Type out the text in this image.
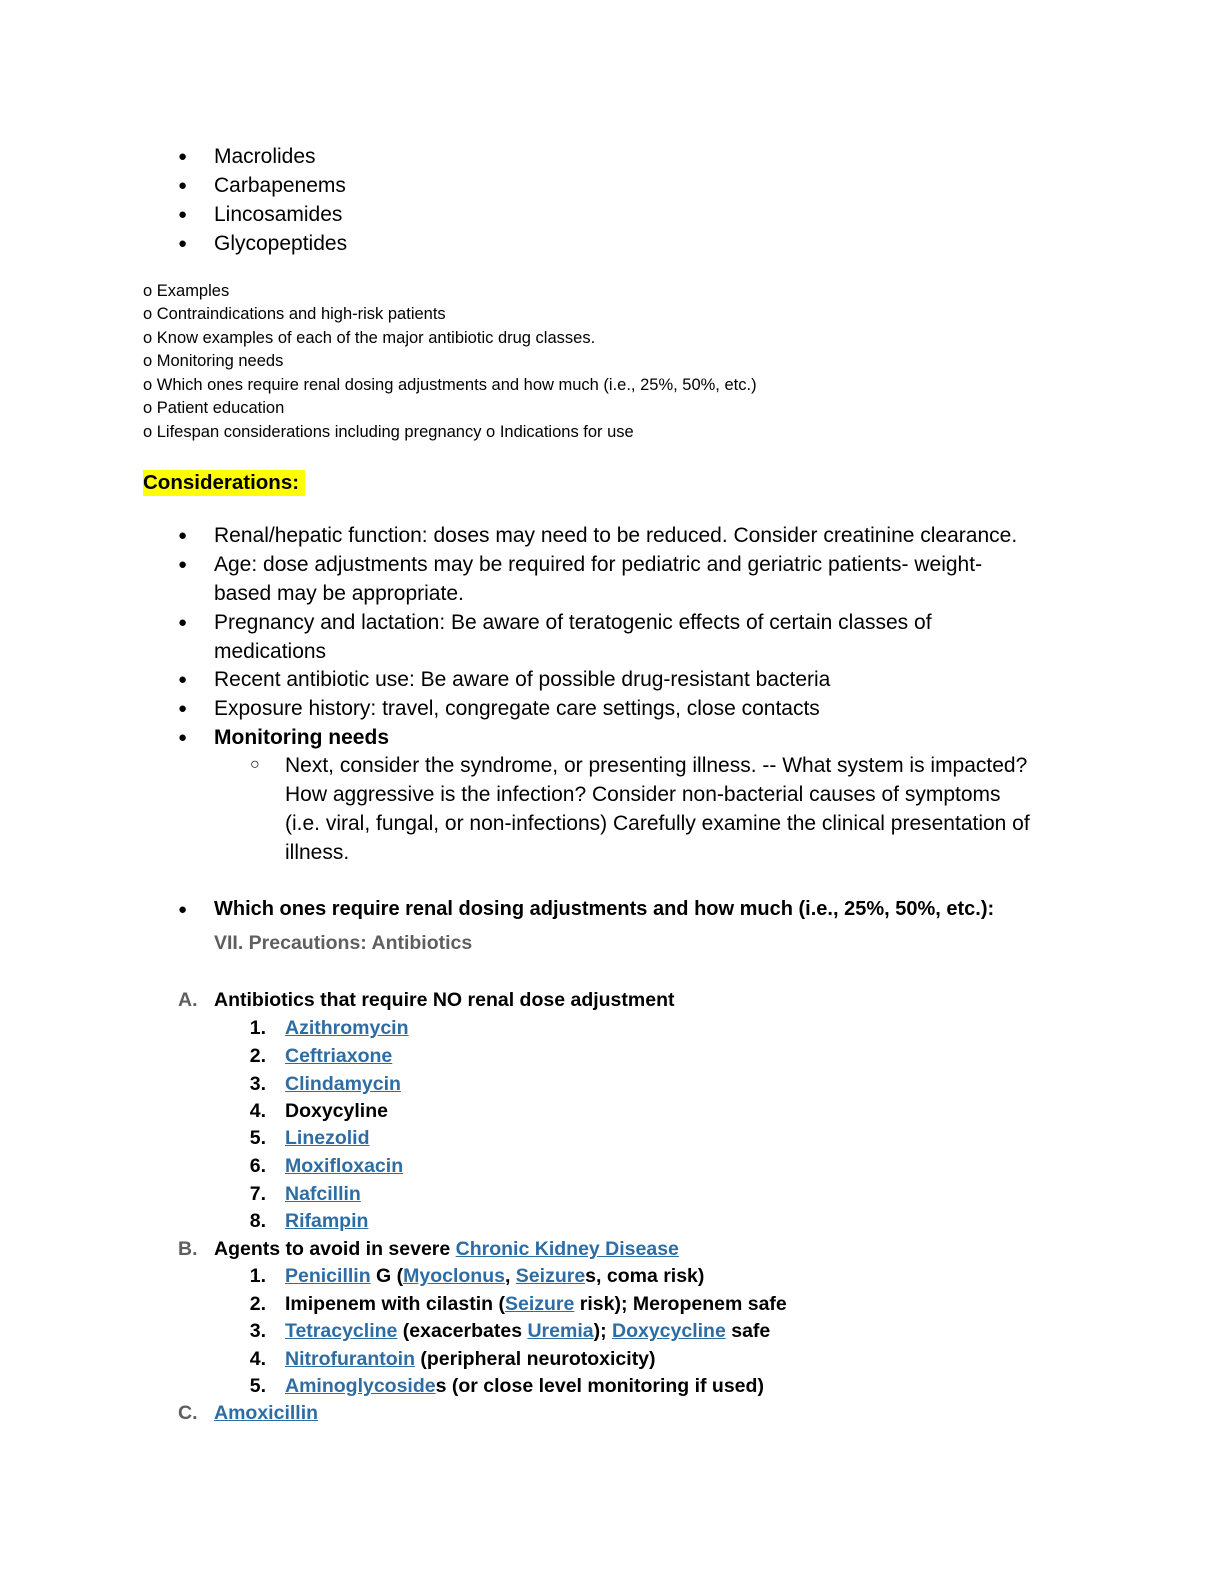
● Macrolides
● Carbapenems
● Lincosamides
● Glycopeptides
o Examples
o Contraindications and high-risk patients
o Know examples of each of the major antibiotic drug classes.
o Monitoring needs
o Which ones require renal dosing adjustments and how much (i.e., 25%, 50%, etc.)
o Patient education
o Lifespan considerations including pregnancy o Indications for use
Considerations:
● Renal/hepatic function: doses may need to be reduced. Consider creatinine clearance.
● Age: dose adjustments may be required for pediatric and geriatric patients- weight-
based may be appropriate.
● Pregnancy and lactation: Be aware of teratogenic effects of certain classes of
medications
● Recent antibiotic use: Be aware of possible drug-resistant bacteria
● Exposure history: travel, congregate care settings, close contacts
● Monitoring needs
○ Next, consider the syndrome, or presenting illness. -- What system is impacted?
How aggressive is the infection? Consider non-bacterial causes of symptoms
(i.e. viral, fungal, or non-infections) Carefully examine the clinical presentation of
illness.
● Which ones require renal dosing adjustments and how much (i.e., 25%, 50%, etc.):
VII. Precautions: Antibiotics
A. Antibiotics that require NO renal dose adjustment
1. Azithromycin
2. Ceftriaxone
3. Clindamycin
4. Doxycyline
5. Linezolid
6. Moxifloxacin
7. Nafcillin
8. Rifampin
B. Agents to avoid in severe Chronic Kidney Disease
1. Penicillin G (Myoclonus, Seizures, coma risk)
2. Imipenem with cilastin (Seizure risk); Meropenem safe
3. Tetracycline (exacerbates Uremia); Doxycycline safe
4. Nitrofurantoin (peripheral neurotoxicity)
5. Aminoglycosides (or close level monitoring if used)
C. Amoxicillin
